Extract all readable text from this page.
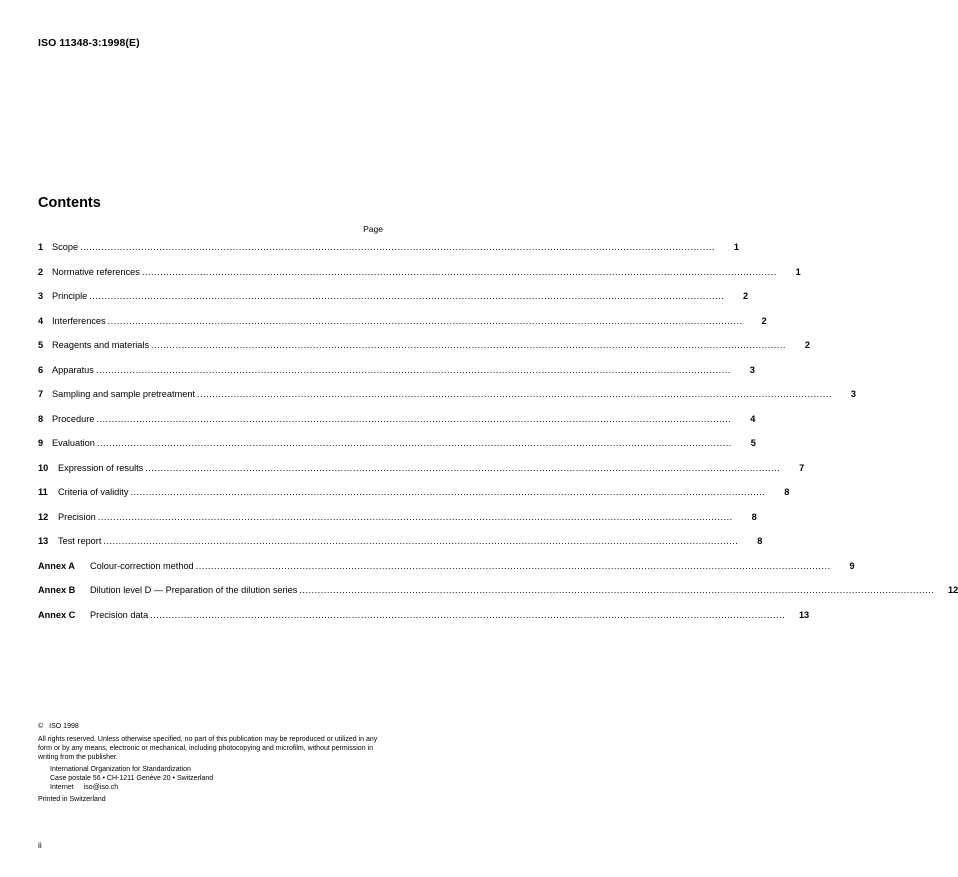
ISO 11348-3:1998(E)
Contents
Page
1 Scope .....	1
2 Normative references .....	1
3 Principle .....	2
4 Interferences .....	2
5 Reagents and materials .....	2
6 Apparatus .....	3
7 Sampling and sample pretreatment .....	3
8 Procedure .....	4
9 Evaluation .....	5
10	Expression of results .....	7
11	Criteria of validity .....	8
12	Precision .....	8
13	Test report .....	8
Annex A	Colour-correction method .....	9
Annex B	Dilution level D — Preparation of the dilution series .....	12
Annex C	Precision data .....	13
© ISO 1998
All rights reserved. Unless otherwise specified, no part of this publication may be reproduced or utilized in any form or by any means, electronic or mechanical, including photocopying and microfilm, without permission in writing from the publisher.
International Organization for Standardization
Case postale 56 • CH-1211 Genève 20 • Switzerland
Internet iso@iso.ch
Printed in Switzerland
ii
